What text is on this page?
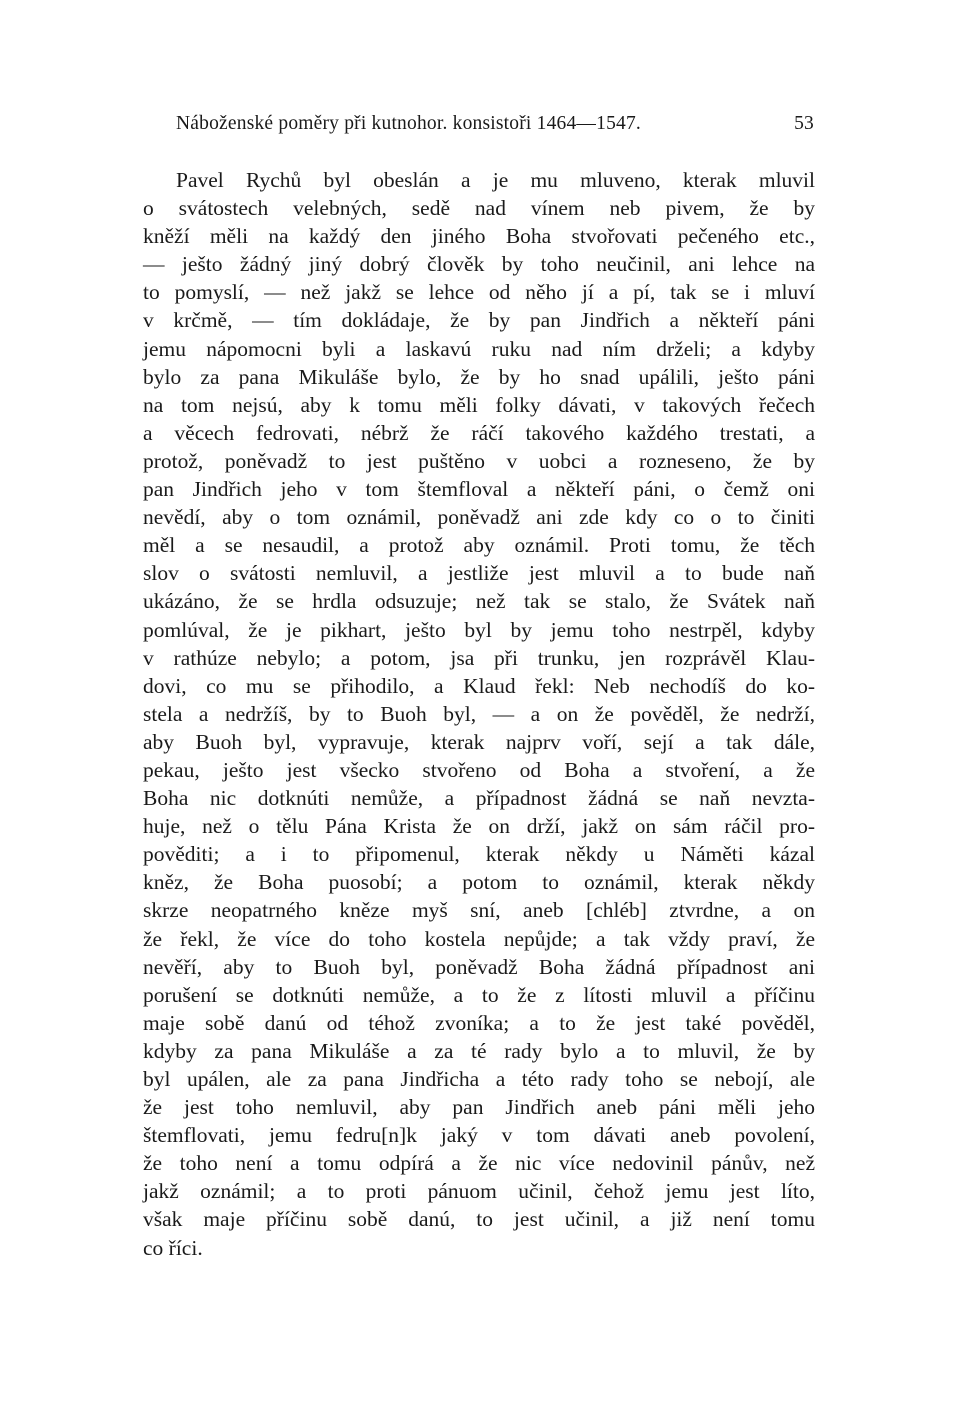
Náboženské poměry při kutnohor. konsistoři 1464—1547.	53
Pavel Rychů byl obeslán a je mu mluveno, kterak mluvil
o svátostech velebných, sedě nad vínem neb pivem, že by
kněží měli na každý den jiného Boha stvořovati pečeného etc.,
— ješto žádný jiný dobrý člověk by toho neučinil, ani lehce na
to pomyslí, — než jakž se lehce od něho jí a pí, tak se i mluví
v krčmě, — tím dokládaje, že by pan Jindřich a někteří páni
jemu nápomocni byli a laskavú ruku nad ním drželi; a kdyby
bylo za pana Mikuláše bylo, že by ho snad upálili, ješto páni
na tom nejsú, aby k tomu měli folky dávati, v takových řečech
a věcech fedrovati, nébrž že ráčí takového každého trestati, a
protož, poněvadž to jest puštěno v uobci a rozneseno, že by
pan Jindřich jeho v tom štemfloval a někteří páni, o čemž oni
nevědí, aby o tom oznámil, poněvadž ani zde kdy co o to činiti
měl a se nesaudil, a protož aby oznámil. Proti tomu, že těch
slov o svátosti nemluvil, a jestliže jest mluvil a to bude naň
ukázáno, že se hrdla odsuzuje; než tak se stalo, že Svátek naň
pomlúval, že je pikhart, ješto byl by jemu toho nestrpěl, kdyby
v rathúze nebylo; a potom, jsa při trunku, jen rozprávěl Klau-
dovi, co mu se přihodilo, a Klaud řekl: Neb nechodíš do ko-
stela a nedržíš, by to Buoh byl, — a on že pověděl, že nedrží,
aby Buoh byl, vypravuje, kterak najprv voří, sejí a tak dále,
pekau, ješto jest všecko stvořeno od Boha a stvoření, a že
Boha nic dotknúti nemůže, a případnost žádná se naň nevzta-
huje, než o tělu Pána Krista že on drží, jakž on sám ráčil pro-
pověditi; a i to připomenul, kterak někdy u Náměti kázal
kněz, že Boha puosobí; a potom to oznámil, kterak někdy
skrze neopatrného kněze myš sní, aneb [chléb] ztvrdne, a on
že řekl, že více do toho kostela nepůjde; a tak vždy praví, že
nevěří, aby to Buoh byl, poněvadž Boha žádná případnost ani
porušení se dotknúti nemůže, a to že z lítosti mluvil a příčinu
maje sobě danú od téhož zvoníka; a to že jest také pověděl,
kdyby za pana Mikuláše a za té rady bylo a to mluvil, že by
byl upálen, ale za pana Jindřicha a této rady toho se nebojí, ale
že jest toho nemluvil, aby pan Jindřich aneb páni měli jeho
štemflovati, jemu fedru[n]k jaký v tom dávati aneb povolení,
že toho není a tomu odpírá a že nic více nedovinil pánův, než
jakž oznámil; a to proti pánuom učinil, čehož jemu jest líto,
však maje příčinu sobě danú, to jest učinil, a již není tomu
co říci.
